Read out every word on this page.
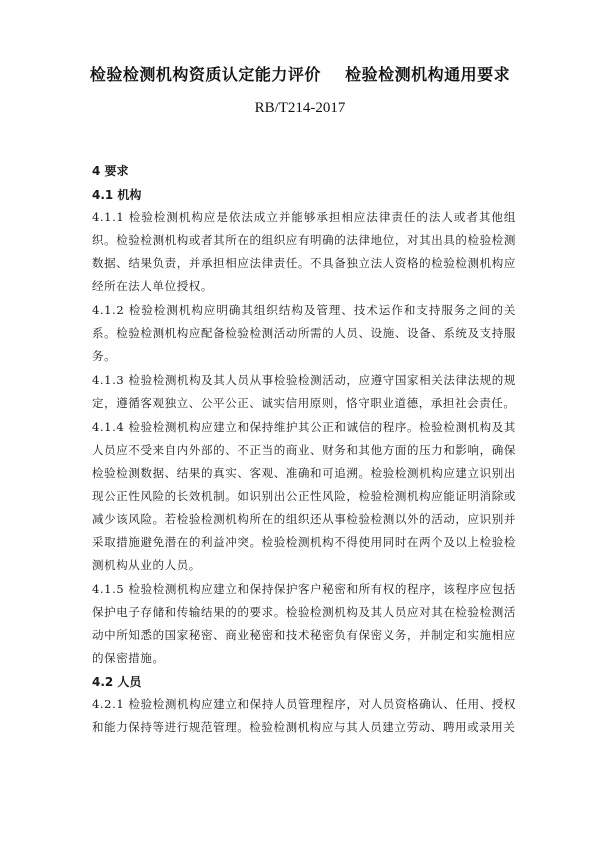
检验检测机构资质认定能力评价    检验检测机构通用要求
RB/T214-2017
4 要求
4.1 机构

4.1.1 检验检测机构应是依法成立并能够承担相应法律责任的法人或者其他组织。检验检测机构或者其所在的组织应有明确的法律地位，对其出具的检验检测数据、结果负责，并承担相应法律责任。不具备独立法人资格的检验检测机构应经所在法人单位授权。

4.1.2 检验检测机构应明确其组织结构及管理、技术运作和支持服务之间的关系。检验检测机构应配备检验检测活动所需的人员、设施、设备、系统及支持服务。

4.1.3 检验检测机构及其人员从事检验检测活动，应遵守国家相关法律法规的规定，遵循客观独立、公平公正、诚实信用原则，恪守职业道德，承担社会责任。

4.1.4 检验检测机构应建立和保持维护其公正和诚信的程序。检验检测机构及其人员应不受来自内外部的、不正当的商业、财务和其他方面的压力和影响，确保检验检测数据、结果的真实、客观、准确和可追溯。检验检测机构应建立识别出现公正性风险的长效机制。如识别出公正性风险，检验检测机构应能证明消除或减少该风险。若检验检测机构所在的组织还从事检验检测以外的活动，应识别并采取措施避免潜在的利益冲突。检验检测机构不得使用同时在两个及以上检验检测机构从业的人员。

4.1.5 检验检测机构应建立和保持保护客户秘密和所有权的程序，该程序应包括保护电子存储和传输结果的的要求。检验检测机构及其人员应对其在检验检测活动中所知悉的国家秘密、商业秘密和技术秘密负有保密义务，并制定和实施相应的保密措施。

4.2 人员

4.2.1 检验检测机构应建立和保持人员管理程序，对人员资格确认、任用、授权和能力保持等进行规范管理。检验检测机构应与其人员建立劳动、聘用或录用关
